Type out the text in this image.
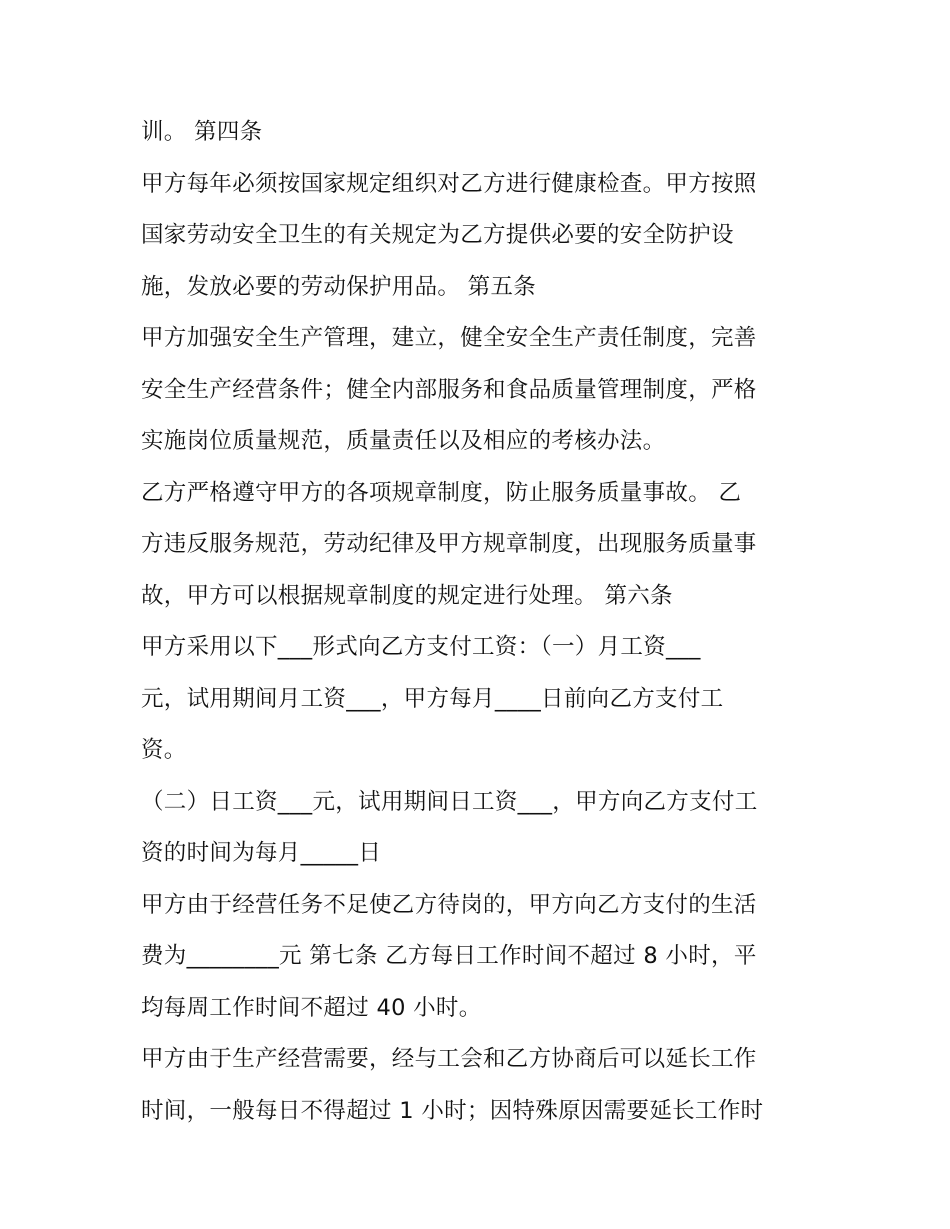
训。 第四条
甲方每年必须按国家规定组织对乙方进行健康检查。甲方按照
国家劳动安全卫生的有关规定为乙方提供必要的安全防护设
施，发放必要的劳动保护用品。 第五条
甲方加强安全生产管理，建立，健全安全生产责任制度，完善
安全生产经营条件；健全内部服务和食品质量管理制度，严格
实施岗位质量规范，质量责任以及相应的考核办法。
乙方严格遵守甲方的各项规章制度，防止服务质量事故。 乙
方违反服务规范，劳动纪律及甲方规章制度，出现服务质量事
故，甲方可以根据规章制度的规定进行处理。 第六条
甲方采用以下___形式向乙方支付工资：（一）月工资___
元，试用期间月工资___，甲方每月____日前向乙方支付工
资。
（二）日工资___元，试用期间日工资___，甲方向乙方支付工
资的时间为每月_____日
甲方由于经营任务不足使乙方待岗的，甲方向乙方支付的生活
费为________元 第七条 乙方每日工作时间不超过 8 小时，平
均每周工作时间不超过 40 小时。
甲方由于生产经营需要，经与工会和乙方协商后可以延长工作
时间，一般每日不得超过 1 小时；因特殊原因需要延长工作时
